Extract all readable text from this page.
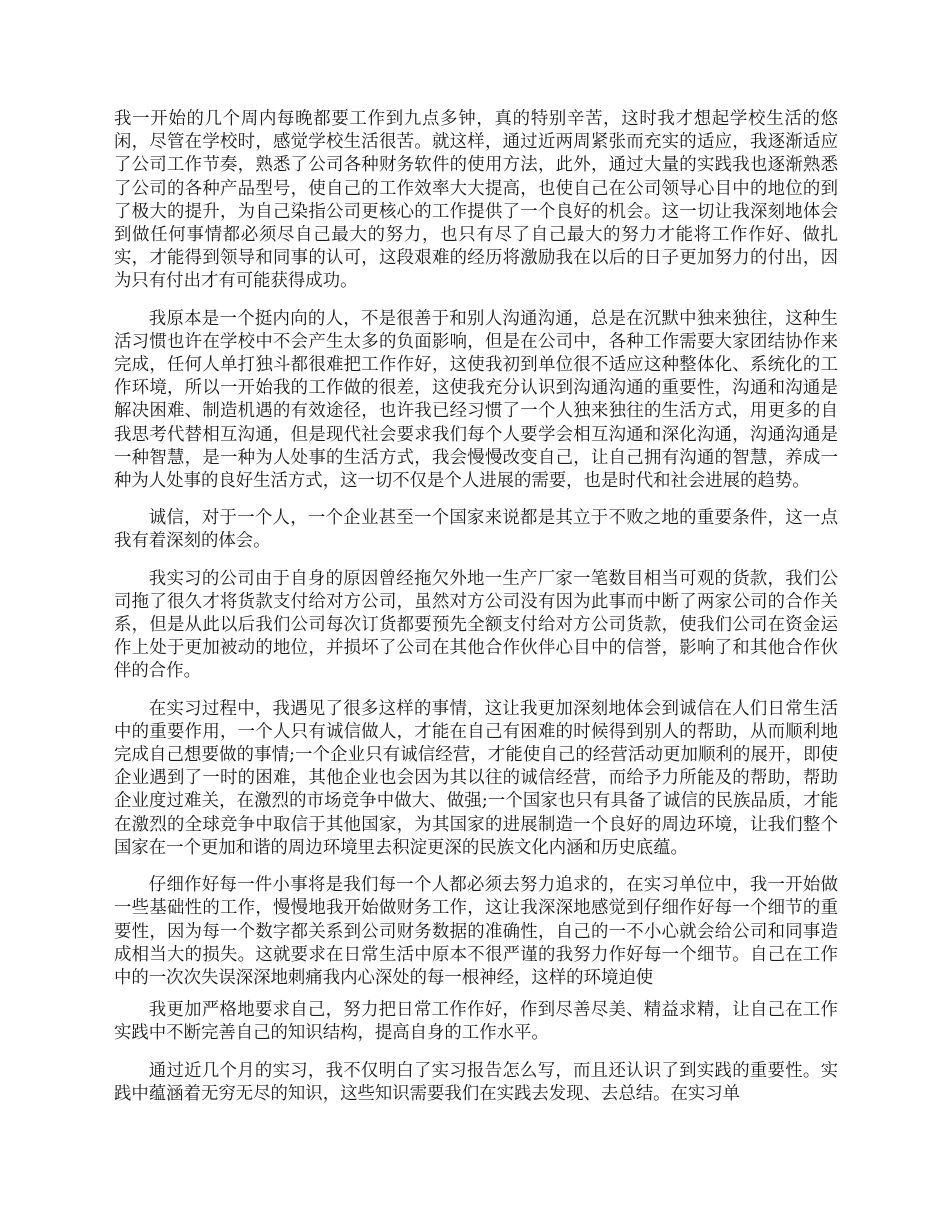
我一开始的几个周内每晚都要工作到九点多钟，真的特别辛苦，这时我才想起学校生活的悠闲，尽管在学校时，感觉学校生活很苦。就这样，通过近两周紧张而充实的适应，我逐渐适应了公司工作节奏，熟悉了公司各种财务软件的使用方法，此外，通过大量的实践我也逐渐熟悉了公司的各种产品型号，使自己的工作效率大大提高，也使自己在公司领导心目中的地位的到了极大的提升，为自己染指公司更核心的工作提供了一个良好的机会。这一切让我深刻地体会到做任何事情都必须尽自己最大的努力，也只有尽了自己最大的努力才能将工作作好、做扎实，才能得到领导和同事的认可，这段艰难的经历将激励我在以后的日子更加努力的付出，因为只有付出才有可能获得成功。

我原本是一个挺内向的人，不是很善于和别人沟通沟通，总是在沉默中独来独往，这种生活习惯也许在学校中不会产生太多的负面影响，但是在公司中，各种工作需要大家团结协作来完成，任何人单打独斗都很难把工作作好，这使我初到单位很不适应这种整体化、系统化的工作环境，所以一开始我的工作做的很差，这使我充分认识到沟通沟通的重要性，沟通和沟通是解决困难、制造机遇的有效途径，也许我已经习惯了一个人独来独往的生活方式，用更多的自我思考代替相互沟通，但是现代社会要求我们每个人要学会相互沟通和深化沟通，沟通沟通是一种智慧，是一种为人处事的生活方式，我会慢慢改变自己，让自己拥有沟通的智慧，养成一种为人处事的良好生活方式，这一切不仅是个人进展的需要，也是时代和社会进展的趋势。

诚信，对于一个人，一个企业甚至一个国家来说都是其立于不败之地的重要条件，这一点我有着深刻的体会。

我实习的公司由于自身的原因曾经拖欠外地一生产厂家一笔数目相当可观的货款，我们公司拖了很久才将货款支付给对方公司，虽然对方公司没有因为此事而中断了两家公司的合作关系，但是从此以后我们公司每次订货都要预先全额支付给对方公司货款，使我们公司在资金运作上处于更加被动的地位，并损坏了公司在其他合作伙伴心目中的信誉，影响了和其他合作伙伴的合作。

在实习过程中，我遇见了很多这样的事情，这让我更加深刻地体会到诚信在人们日常生活中的重要作用，一个人只有诚信做人，才能在自己有困难的时候得到别人的帮助，从而顺利地完成自己想要做的事情;一个企业只有诚信经营，才能使自己的经营活动更加顺利的展开，即使企业遇到了一时的困难，其他企业也会因为其以往的诚信经营，而给予力所能及的帮助，帮助企业度过难关，在激烈的市场竞争中做大、做强;一个国家也只有具备了诚信的民族品质，才能在激烈的全球竞争中取信于其他国家，为其国家的进展制造一个良好的周边环境，让我们整个国家在一个更加和谐的周边环境里去积淀更深的民族文化内涵和历史底蕴。

仔细作好每一件小事将是我们每一个人都必须去努力追求的，在实习单位中，我一开始做一些基础性的工作，慢慢地我开始做财务工作，这让我深深地感觉到仔细作好每一个细节的重要性，因为每一个数字都关系到公司财务数据的准确性，自己的一不小心就会给公司和同事造成相当大的损失。这就要求在日常生活中原本不很严谨的我努力作好每一个细节。自己在工作中的一次次失误深深地刺痛我内心深处的每一根神经，这样的环境迫使

我更加严格地要求自己，努力把日常工作作好，作到尽善尽美、精益求精，让自己在工作实践中不断完善自己的知识结构，提高自身的工作水平。

通过近几个月的实习，我不仅明白了实习报告怎么写，而且还认识了到实践的重要性。实践中蕴涵着无穷无尽的知识，这些知识需要我们在实践去发现、去总结。在实习单
